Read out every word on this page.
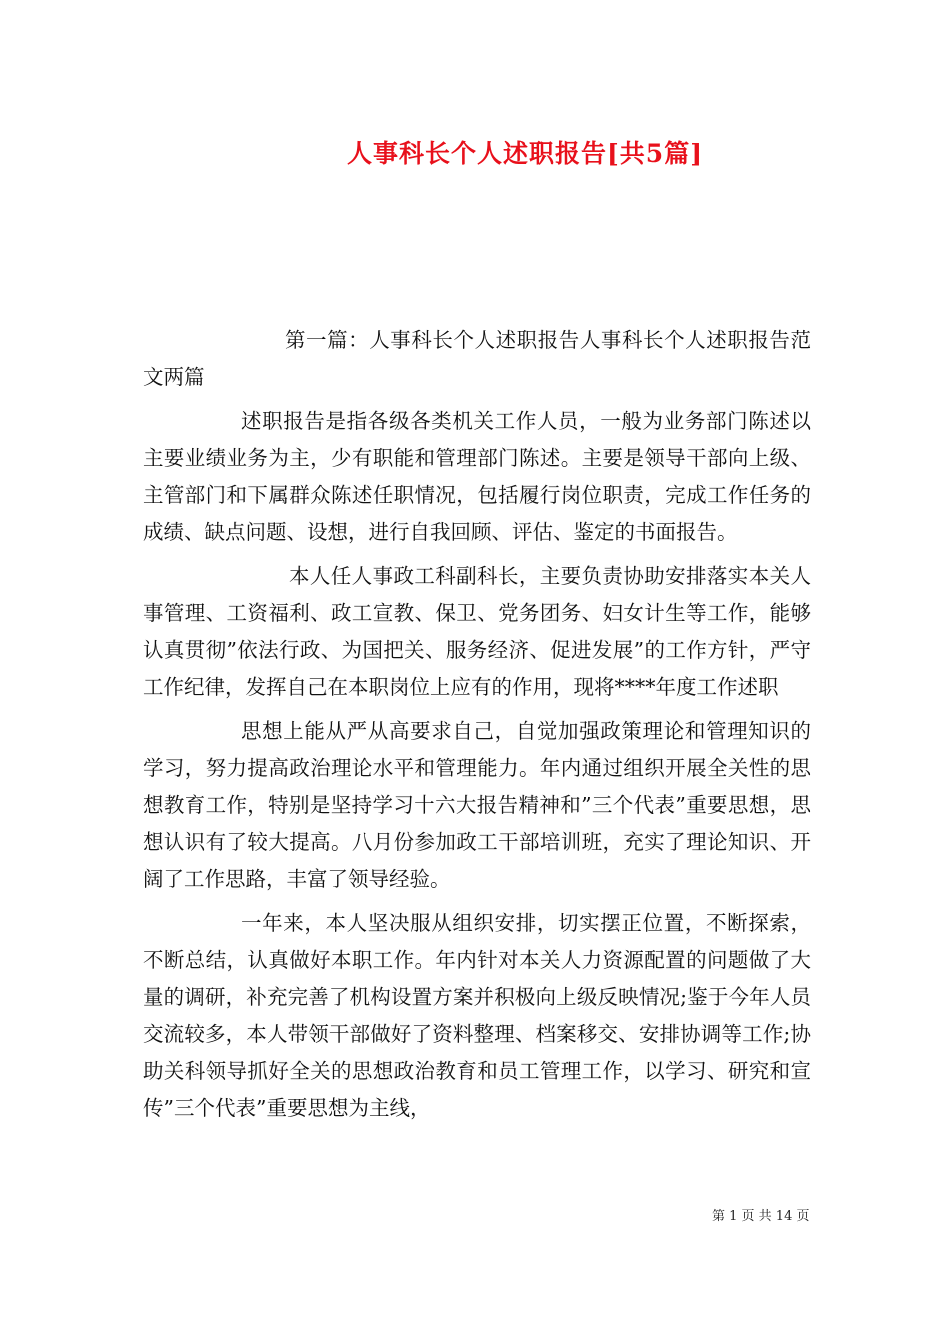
人事科长个人述职报告[共5篇]

第一篇：人事科长个人述职报告人事科长个人述职报告范文两篇

述职报告是指各级各类机关工作人员，一般为业务部门陈述以主要业绩业务为主，少有职能和管理部门陈述。主要是领导干部向上级、主管部门和下属群众陈述任职情况，包括履行岗位职责，完成工作任务的成绩、缺点问题、设想，进行自我回顾、评估、鉴定的书面报告。

本人任人事政工科副科长，主要负责协助安排落实本关人事管理、工资福利、政工宣教、保卫、党务团务、妇女计生等工作，能够认真贯彻”依法行政、为国把关、服务经济、促进发展”的工作方针，严守工作纪律，发挥自己在本职岗位上应有的作用，现将****年度工作述职

思想上能从严从高要求自己，自觉加强政策理论和管理知识的学习，努力提高政治理论水平和管理能力。年内通过组织开展全关性的思想教育工作，特别是坚持学习十六大报告精神和”三个代表”重要思想，思想认识有了较大提高。八月份参加政工干部培训班，充实了理论知识、开阔了工作思路，丰富了领导经验。

一年来，本人坚决服从组织安排，切实摆正位置，不断探索，不断总结，认真做好本职工作。年内针对本关人力资源配置的问题做了大量的调研，补充完善了机构设置方案并积极向上级反映情况;鉴于今年人员交流较多，本人带领干部做好了资料整理、档案移交、安排协调等工作;协助关科领导抓好全关的思想政治教育和员工管理工作，以学习、研究和宣传”三个代表”重要思想为主线，

第 1 页 共 14 页
